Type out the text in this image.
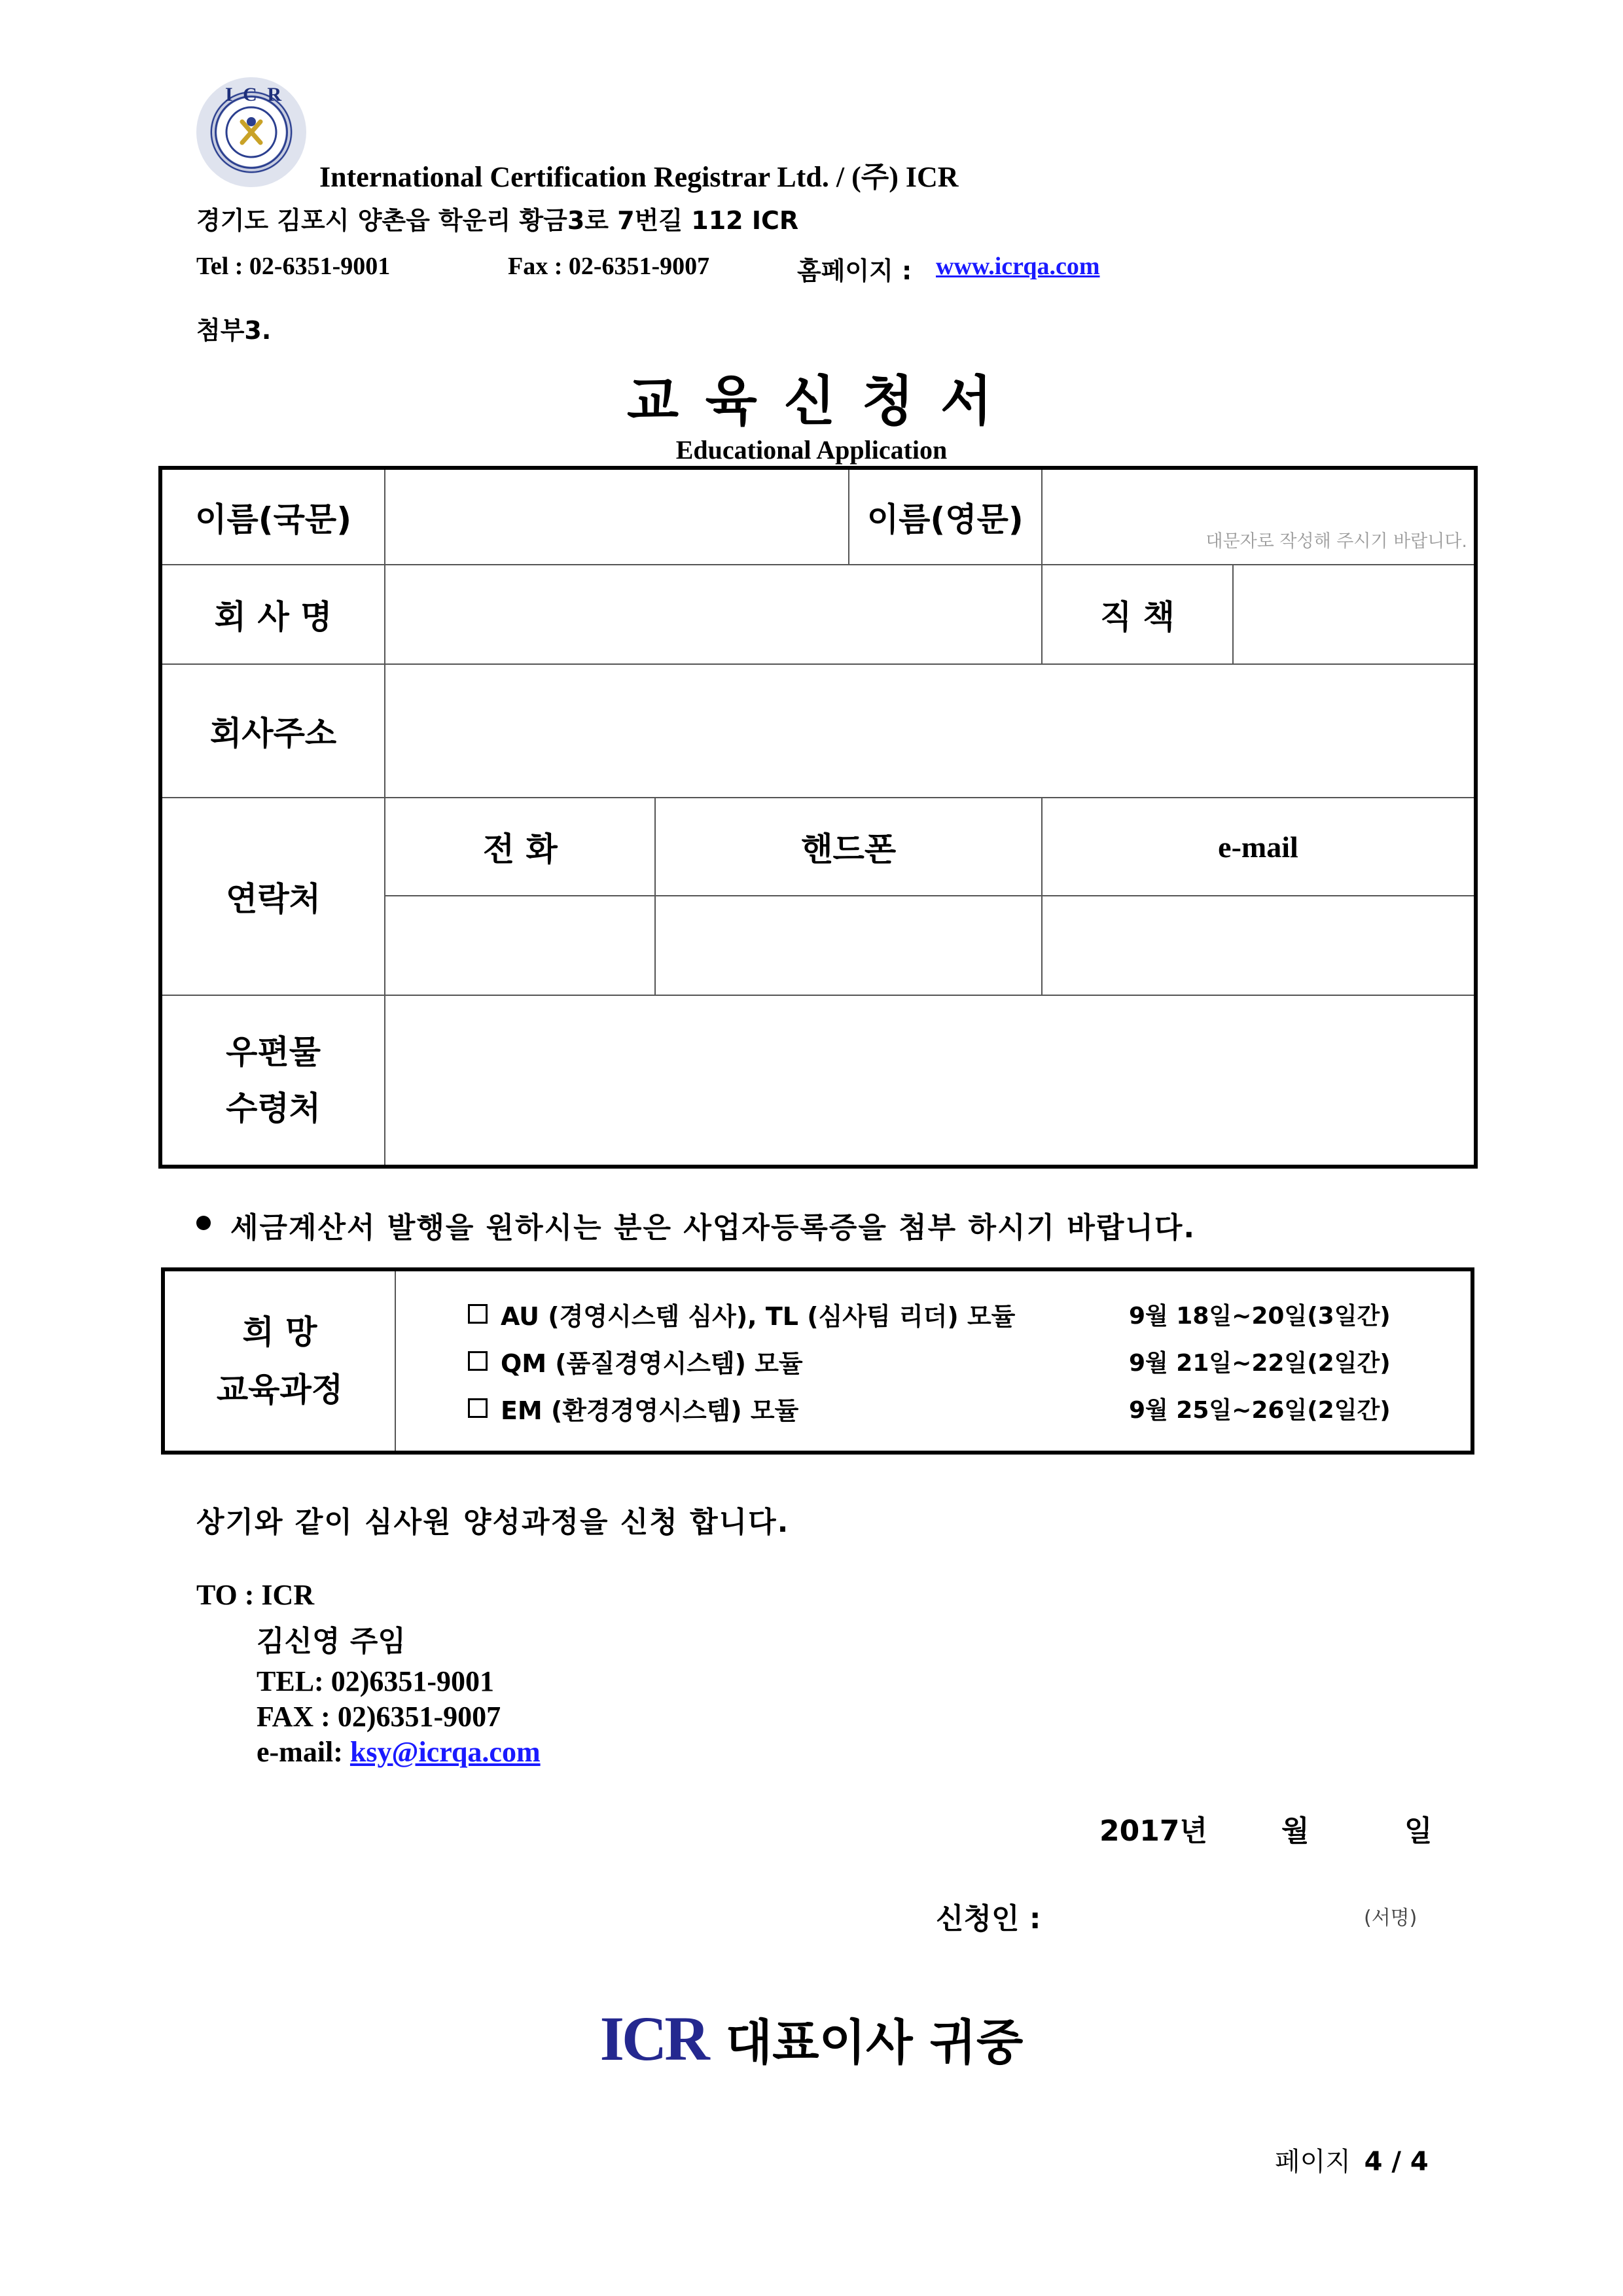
I C R
International Certification Registrar Ltd. / (주) ICR
경기도 김포시 양촌읍 학운리 황금3로 7번길 112 ICR
Tel : 02-6351-9001	Fax : 02-6351-9007	홈페이지 : www.icrqa.com
첨부3.
교 육 신 청 서
Educational Application
이름(국문)			이름(영문)	대문자로 작성해 주시기 바랍니다.

회 사 명				직 책

회사주소				
연락처	전 화	핸드폰		e-mail

우편물
수령처				

세금계산서 발행을 원하시는 분은 사업자등록증을 첨부 하시기 바랍니다.
희 망
교육과정

AU (경영시스템 심사), TL (심사팀 리더) 모듈	9월 18일~20일(3일간)
QM (품질경영시스템) 모듈	9월 21일~22일(2일간)
EM (환경경영시스템) 모듈	9월 25일~26일(2일간)
상기와 같이 심사원 양성과정을 신청 합니다.
TO : ICR
김신영 주임
TEL: 02)6351-9001
FAX : 02)6351-9007
e-mail: ksy@icrqa.com
2017년	월	일
신청인 :	(서명)
ICR 대표이사 귀중
페이지 4 / 4
